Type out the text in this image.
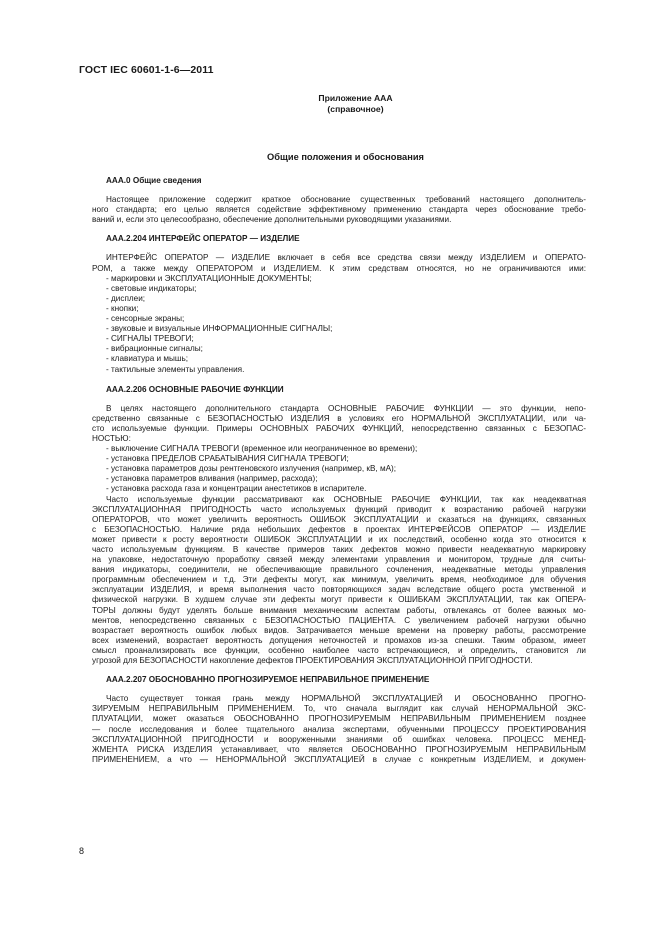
ГОСТ IEC 60601-1-6—2011
Приложение ААА
(справочное)
Общие положения и обоснования
ААА.0 Общие сведения
Настоящее приложение содержит краткое обоснование существенных требований настоящего дополнитель-
ного стандарта; его целью является содействие эффективному применению стандарта через обоснование требо-
ваний и, если это целесообразно, обеспечение дополнительными руководящими указаниями.
ААА.2.204 ИНТЕРФЕЙС ОПЕРАТОР — ИЗДЕЛИЕ
ИНТЕРФЕЙС ОПЕРАТОР — ИЗДЕЛИЕ включает в себя все средства связи между ИЗДЕЛИЕМ и ОПЕРАТО-
РОМ, а также между ОПЕРАТОРОМ и ИЗДЕЛИЕМ. К этим средствам относятся, но не ограничиваются ими:
- маркировки и ЭКСПЛУАТАЦИОННЫЕ ДОКУМЕНТЫ;
- световые индикаторы;
- дисплеи;
- кнопки;
- сенсорные экраны;
- звуковые и визуальные ИНФОРМАЦИОННЫЕ СИГНАЛЫ;
- СИГНАЛЫ ТРЕВОГИ;
- вибрационные сигналы;
- клавиатура и мышь;
- тактильные элементы управления.
ААА.2.206 ОСНОВНЫЕ РАБОЧИЕ ФУНКЦИИ
В целях настоящего дополнительного стандарта ОСНОВНЫЕ РАБОЧИЕ ФУНКЦИИ — это функции, непо-
средственно связанные с БЕЗОПАСНОСТЬЮ ИЗДЕЛИЯ в условиях его НОРМАЛЬНОЙ ЭКСПЛУАТАЦИИ, или ча-
сто используемые функции. Примеры ОСНОВНЫХ РАБОЧИХ ФУНКЦИЙ, непосредственно связанных с БЕЗОПАС-
НОСТЬЮ:
- выключение СИГНАЛА ТРЕВОГИ (временное или неограниченное во времени);
- установка ПРЕДЕЛОВ СРАБАТЫВАНИЯ СИГНАЛА ТРЕВОГИ;
- установка параметров дозы рентгеновского излучения (например, кВ, мА);
- установка параметров вливания (например, расхода);
- установка расхода газа и концентрации анестетиков в испарителе.
Часто используемые функции рассматривают как ОСНОВНЫЕ РАБОЧИЕ ФУНКЦИИ, так как неадекватная
ЭКСПЛУАТАЦИОННАЯ ПРИГОДНОСТЬ часто используемых функций приводит к возрастанию рабочей нагрузки
ОПЕРАТОРОВ, что может увеличить вероятность ОШИБОК ЭКСПЛУАТАЦИИ и сказаться на функциях, связанных
с БЕЗОПАСНОСТЬЮ. Наличие ряда небольших дефектов в проектах ИНТЕРФЕЙСОВ ОПЕРАТОР — ИЗДЕЛИЕ
может привести к росту вероятности ОШИБОК ЭКСПЛУАТАЦИИ и их последствий, особенно когда это относится к
часто используемым функциям. В качестве примеров таких дефектов можно привести неадекватную маркировку
на упаковке, недостаточную проработку связей между элементами управления и монитором, трудные для считы-
вания индикаторы, соединители, не обеспечивающие правильного сочленения, неадекватные методы управления
программным обеспечением и т.д. Эти дефекты могут, как минимум, увеличить время, необходимое для обучения
эксплуатации ИЗДЕЛИЯ, и время выполнения часто повторяющихся задач вследствие общего роста умственной и
физической нагрузки. В худшем случае эти дефекты могут привести к ОШИБКАМ ЭКСПЛУАТАЦИИ, так как ОПЕРА-
ТОРЫ должны будут уделять больше внимания механическим аспектам работы, отвлекаясь от более важных мо-
ментов, непосредственно связанных с БЕЗОПАСНОСТЬЮ ПАЦИЕНТА. С увеличением рабочей нагрузки обычно
возрастает вероятность ошибок любых видов. Затрачивается меньше времени на проверку работы, рассмотрение
всех изменений, возрастает вероятность допущения неточностей и промахов из-за спешки. Таким образом, имеет
смысл проанализировать все функции, особенно наиболее часто встречающиеся, и определить, становится ли
угрозой для БЕЗОПАСНОСТИ накопление дефектов ПРОЕКТИРОВАНИЯ ЭКСПЛУАТАЦИОННОЙ ПРИГОДНОСТИ.
ААА.2.207 ОБОСНОВАННО ПРОГНОЗИРУЕМОЕ НЕПРАВИЛЬНОЕ ПРИМЕНЕНИЕ
Часто существует тонкая грань между НОРМАЛЬНОЙ ЭКСПЛУАТАЦИЕЙ И ОБОСНОВАННО ПРОГНО-
ЗИРУЕМЫМ НЕПРАВИЛЬНЫМ ПРИМЕНЕНИЕМ. То, что сначала выглядит как случай НЕНОРМАЛЬНОЙ ЭКС-
ПЛУАТАЦИИ, может оказаться ОБОСНОВАННО ПРОГНОЗИРУЕМЫМ НЕПРАВИЛЬНЫМ ПРИМЕНЕНИЕМ позднее
— после исследования и более тщательного анализа экспертами, обученными ПРОЦЕССУ ПРОЕКТИРОВАНИЯ
ЭКСПЛУАТАЦИОННОЙ ПРИГОДНОСТИ и вооруженными знаниями об ошибках человека. ПРОЦЕСС МЕНЕД-
ЖМЕНТА РИСКА ИЗДЕЛИЯ устанавливает, что является ОБОСНОВАННО ПРОГНОЗИРУЕМЫМ НЕПРАВИЛЬНЫМ
ПРИМЕНЕНИЕМ, а что — НЕНОРМАЛЬНОЙ ЭКСПЛУАТАЦИЕЙ в случае с конкретным ИЗДЕЛИЕМ, и докумен-
8
